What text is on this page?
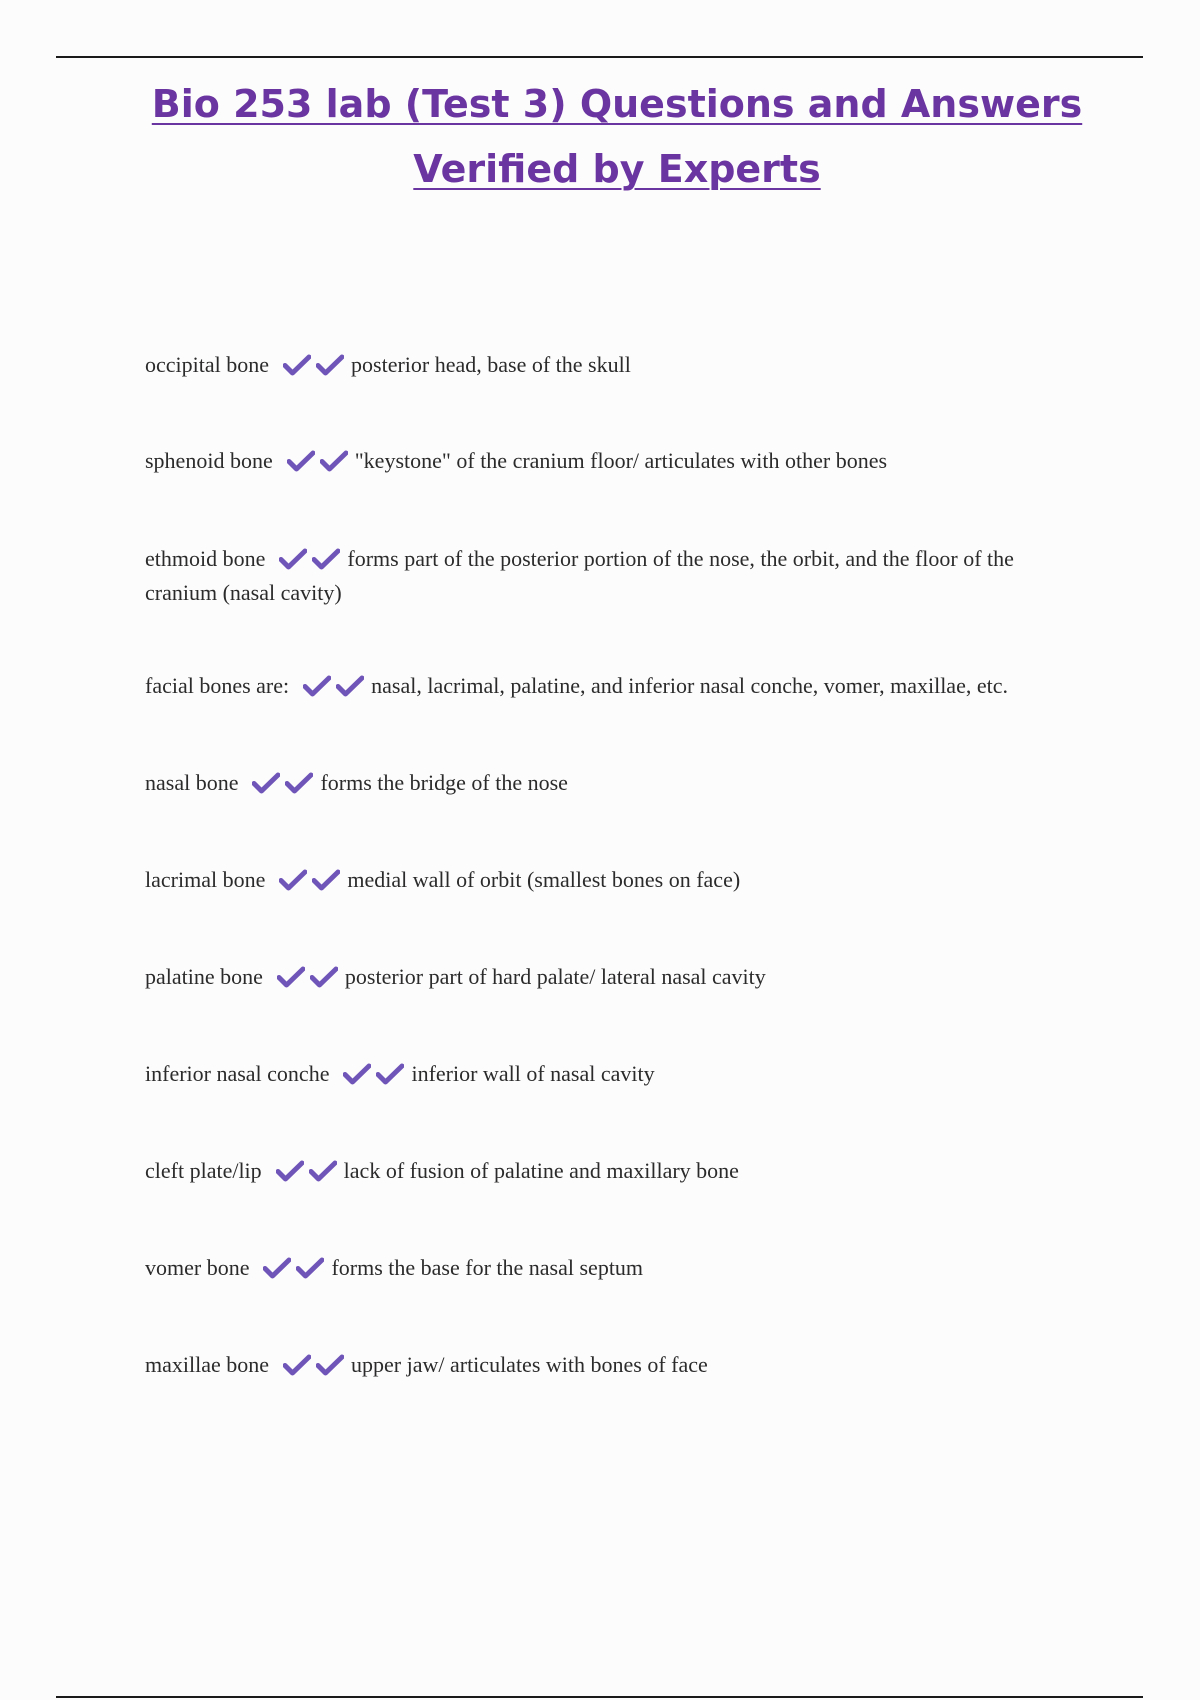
Bio 253 lab (Test 3) Questions and Answers
Verified by Experts
occipital bone	posterior head, base of the skull
sphenoid bone	"keystone" of the cranium floor/ articulates with other bones
ethmoid bone	forms part of the posterior portion of the nose, the orbit, and the floor of the cranium (nasal cavity)
facial bones are:	nasal, lacrimal, palatine, and inferior nasal conche, vomer, maxillae, etc.
nasal bone	forms the bridge of the nose
lacrimal bone	medial wall of orbit (smallest bones on face)
palatine bone	posterior part of hard palate/ lateral nasal cavity
inferior nasal conche	inferior wall of nasal cavity
cleft plate/lip	lack of fusion of palatine and maxillary bone
vomer bone	forms the base for the nasal septum
maxillae bone	upper jaw/ articulates with bones of face
